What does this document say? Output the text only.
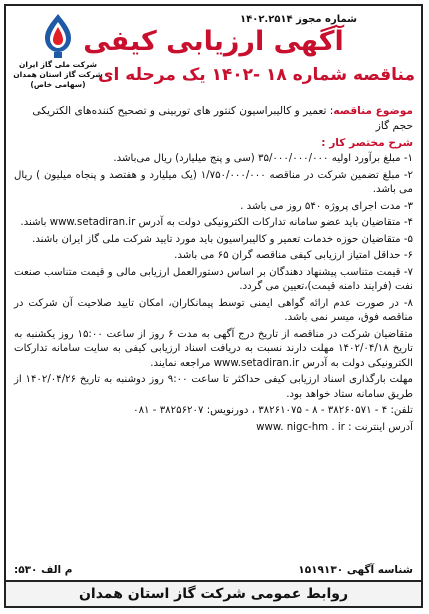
شرکت ملی گاز ایران
شرکت گاز استان همدان
(سهامی خاص)
شماره مجوز ۱۴۰۲.۲۵۱۴
آگهی ارزیابی کیفی
مناقصه شماره ۱۸ -۱۴۰۲ یک مرحله ای
موضوع مناقصه: تعمیر و کالیبراسیون کنتور های توربینی و تصحیح کننده‌های الکتریکی حجم گاز
شرح مختصر کار :
۱- مبلغ برآورد اولیه ۳۵/۰۰۰/۰۰۰/۰۰۰ (سی و پنج میلیارد) ریال می‌باشد.
۲- مبلغ تضمین شرکت در مناقصه ۱/۷۵۰/۰۰۰/۰۰۰ (یک میلیارد و هفتصد و پنجاه میلیون ) ریال می باشد.
۳- مدت اجرای پروژه ۵۴۰ روز می باشد .
۴- متقاضیان باید عضو سامانه تدارکات الکترونیکی دولت به آدرس www.setadiran.ir باشند.
۵- متقاضیان حوزه خدمات تعمیر و کالیبراسیون باید مورد تایید شرکت ملی گاز ایران باشند.
۶- حداقل امتیاز ارزیابی کیفی مناقصه گران ۶۵ می باشد.
۷- قیمت متناسب پیشنهاد دهندگان بر اساس دستورالعمل ارزیابی مالی و قیمت متناسب صنعت نفت (فرایند دامنه قیمت)،تعیین می گردد.
۸- در صورت عدم ارائه گواهی ایمنی توسط پیمانکاران، امکان تایید صلاحیت آن شرکت در مناقصه فوق، میسر نمی باشد.
متقاضیان شرکت در مناقصه از تاریخ درج آگهی به مدت ۶ روز از ساعت ۱۵:۰۰ روز یکشنبه به تاریخ ۱۴۰۲/۰۴/۱۸ مهلت دارند نسبت به دریافت اسناد ارزیابی کیفی به سایت سامانه تدارکات الکترونیکی دولت به آدرس www.setadiran.ir مراجعه نمایند.
مهلت بارگذاری اسناد ارزیابی کیفی حداکثر تا ساعت ۹:۰۰ روز دوشنبه به تاریخ ۱۴۰۲/۰۴/۲۶ از طریق سامانه ستاد خواهد بود.
تلفن: ۴ - ۳۸۲۶۰۵۷۱ - ۸ - ۳۸۲۶۱۰۷۵ ، دورنویس: ۳۸۲۵۶۲۰۷ - ۰۸۱
آدرس اینترنت : www. nigc-hm . ir
شناسه آگهی ۱۵۱۹۱۳۰
م الف ۵۳۰:
روابط عمومی شرکت گاز استان همدان
